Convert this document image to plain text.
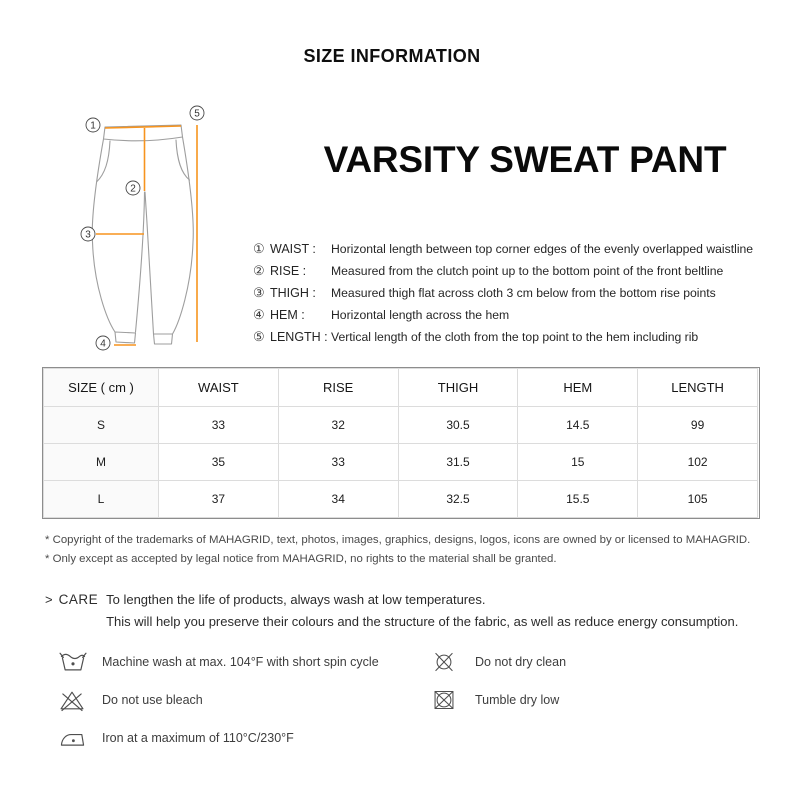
SIZE INFORMATION
1
2
3
4
5
VARSITY SWEAT PANT
① WAIST :	Horizontal length between top corner edges of the evenly overlapped waistline
② RISE :	Measured from the clutch point up to the bottom point of the front beltline
③ THIGH :	Measured thigh flat across cloth 3 cm below from the bottom rise points
④ HEM :	Horizontal length across the hem
⑤ LENGTH : Vertical length of the cloth from the top point to the hem including rib
SIZE ( cm )	WAIST	RISE	THIGH	HEM	LENGTH
S	33	32	30.5	14.5	99
M	35	33	31.5	15	102
L	37	34	32.5	15.5	105
* Copyright of the trademarks of MAHAGRID, text, photos, images, graphics, designs, logos, icons are owned by or licensed to MAHAGRID.
* Only except as accepted by legal notice from MAHAGRID, no rights to the material shall be granted.
> CARE To lengthen the life of products, always wash at low temperatures.
This will help you preserve their colours and the structure of the fabric, as well as reduce energy consumption.
Machine wash at max. 104°F with short spin cycle
Do not use bleach
Iron at a maximum of 110°C/230°F
Do not dry clean
Tumble dry low
